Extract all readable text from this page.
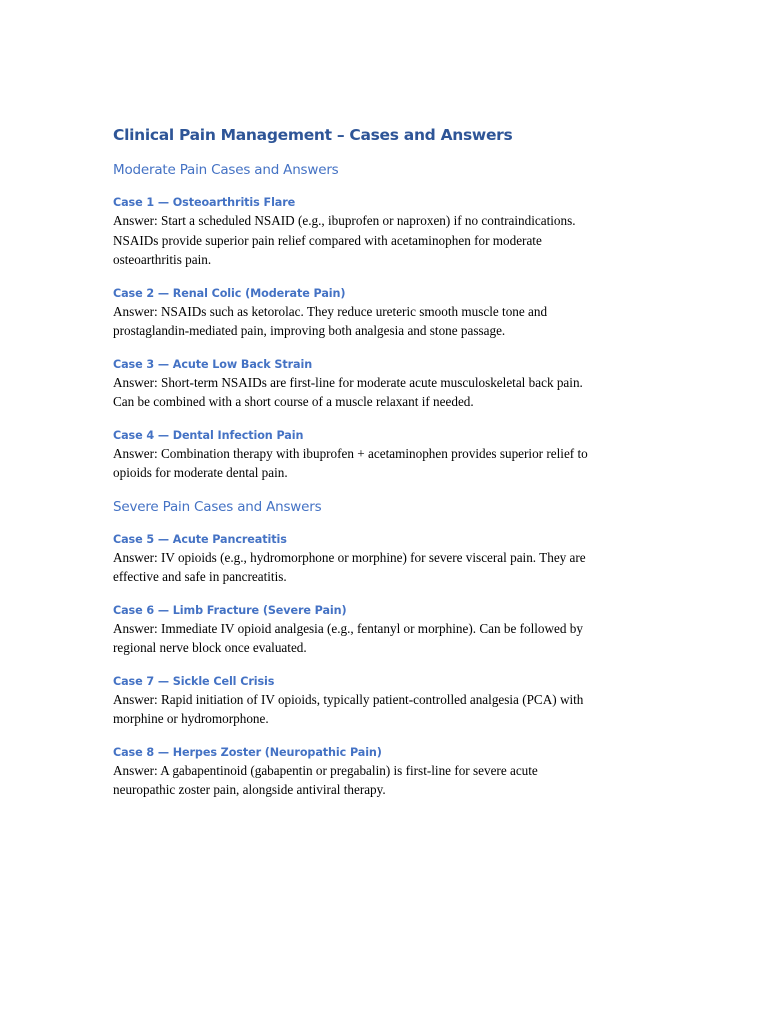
Clinical Pain Management – Cases and Answers
Moderate Pain Cases and Answers
Case 1 — Osteoarthritis Flare

Answer: Start a scheduled NSAID (e.g., ibuprofen or naproxen) if no contraindications.
NSAIDs provide superior pain relief compared with acetaminophen for moderate
osteoarthritis pain.

Case 2 — Renal Colic (Moderate Pain)

Answer: NSAIDs such as ketorolac. They reduce ureteric smooth muscle tone and
prostaglandin-mediated pain, improving both analgesia and stone passage.

Case 3 — Acute Low Back Strain

Answer: Short-term NSAIDs are first-line for moderate acute musculoskeletal back pain.
Can be combined with a short course of a muscle relaxant if needed.

Case 4 — Dental Infection Pain

Answer: Combination therapy with ibuprofen + acetaminophen provides superior relief to
opioids for moderate dental pain.

Severe Pain Cases and Answers
Case 5 — Acute Pancreatitis

Answer: IV opioids (e.g., hydromorphone or morphine) for severe visceral pain. They are
effective and safe in pancreatitis.

Case 6 — Limb Fracture (Severe Pain)

Answer: Immediate IV opioid analgesia (e.g., fentanyl or morphine). Can be followed by
regional nerve block once evaluated.

Case 7 — Sickle Cell Crisis

Answer: Rapid initiation of IV opioids, typically patient-controlled analgesia (PCA) with
morphine or hydromorphone.

Case 8 — Herpes Zoster (Neuropathic Pain)

Answer: A gabapentinoid (gabapentin or pregabalin) is first-line for severe acute
neuropathic zoster pain, alongside antiviral therapy.
